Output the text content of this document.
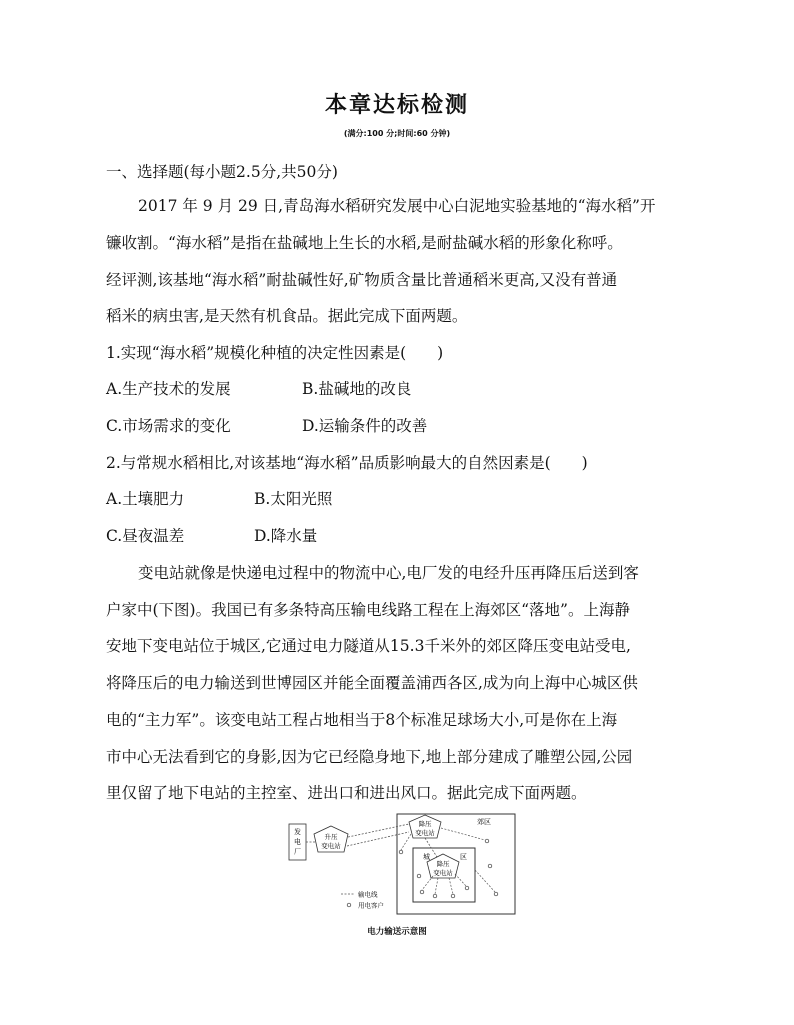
本章达标检测
(满分:100 分;时间:60 分钟)
一、选择题(每小题2.5分,共50分)
2017 年 9 月 29 日,青岛海水稻研究发展中心白泥地实验基地的“海水稻”开
镰收割。“海水稻”是指在盐碱地上生长的水稻,是耐盐碱水稻的形象化称呼。
经评测,该基地“海水稻”耐盐碱性好,矿物质含量比普通稻米更高,又没有普通
稻米的病虫害,是天然有机食品。据此完成下面两题。
1.实现“海水稻”规模化种植的决定性因素是(　　)
A.生产技术的发展	B.盐碱地的改良
C.市场需求的变化	D.运输条件的改善
2.与常规水稻相比,对该基地“海水稻”品质影响最大的自然因素是(　　)
A.土壤肥力	B.太阳光照
C.昼夜温差	D.降水量
变电站就像是快递电过程中的物流中心,电厂发的电经升压再降压后送到客
户家中(下图)。我国已有多条特高压输电线路工程在上海郊区“落地”。上海静
安地下变电站位于城区,它通过电力隧道从15.3千米外的郊区降压变电站受电,
将降压后的电力输送到世博园区并能全面覆盖浦西各区,成为向上海中心城区供
电的“主力军”。该变电站工程占地相当于8个标准足球场大小,可是你在上海
市中心无法看到它的身影,因为它已经隐身地下,地上部分建成了雕塑公园,公园
里仅留了地下电站的主控室、进出口和进出风口。据此完成下面两题。
发
电
厂
升压
变电站
郊区
降压
变电站
城	区
降压
变电站
输电线
用电客户
电力输送示意图
